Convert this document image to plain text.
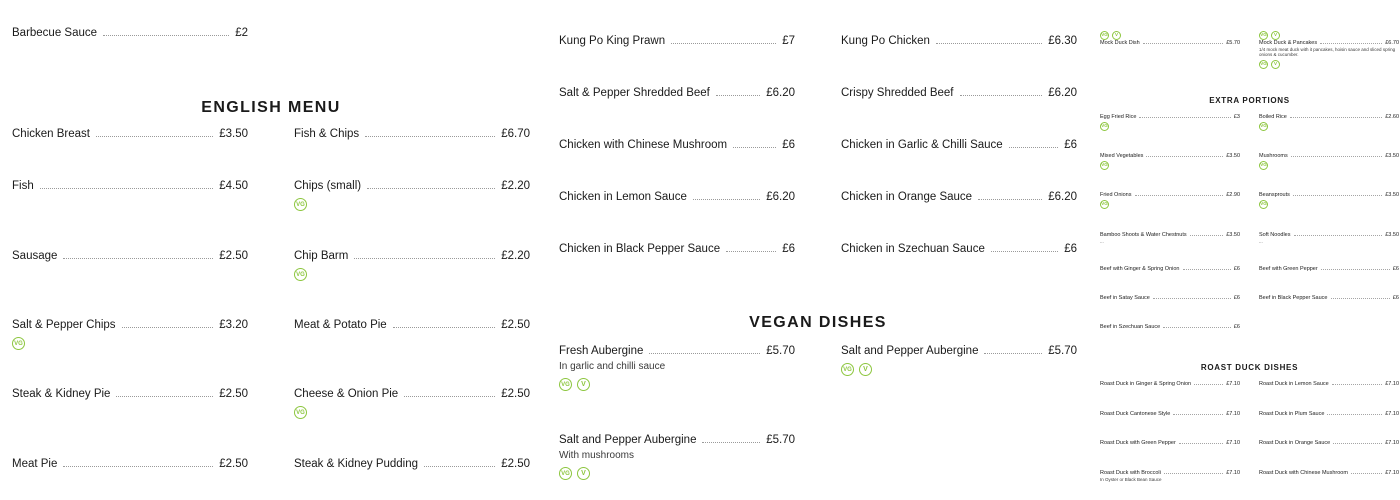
ENGLISH MENU
VEGAN DISHES
EXTRA PORTIONS
ROAST DUCK DISHES
Barbecue Sauce	£2
Chicken Breast	£3.50
Fish	£4.50
Sausage	£2.50
Salt & Pepper Chips	£3.20
VG
Steak & Kidney Pie	£2.50
Meat Pie	£2.50
Fish & Chips	£6.70
Chips (small)	£2.20
VG
Chip Barm	£2.20
VG
Meat & Potato Pie	£2.50
Cheese & Onion Pie	£2.50
VG
Steak & Kidney Pudding	£2.50
Kung Po King Prawn	£7
Salt & Pepper Shredded Beef	£6.20
Chicken with Chinese Mushroom	£6
Chicken in Lemon Sauce	£6.20
Chicken in Black Pepper Sauce	£6
Fresh Aubergine	£5.70
In garlic and chilli sauce
VG	V
Salt and Pepper Aubergine	£5.70
With mushrooms
VG	V
Kung Po Chicken	£6.30
Crispy Shredded Beef	£6.20
Chicken in Garlic & Chilli Sauce	£6
Chicken in Orange Sauce	£6.20
Chicken in Szechuan Sauce	£6
Salt and Pepper Aubergine	£5.70
VG	V
VG	V
Mock Duck Dish	£5.70
Egg Fried Rice	£3
VG
Mixed Vegetables	£3.50
VG
Fried Onions	£2.90
VG
Bamboo Shoots & Water Chestnuts	£3.50
...
Beef with Ginger & Spring Onion	£6
Beef in Satay Sauce	£6
Beef in Szechuan Sauce	£6
Roast Duck in Ginger & Spring Onion	£7.10
Roast Duck Cantonese Style	£7.10
Roast Duck with Green Pepper	£7.10
Roast Duck with Broccoli	£7.10
In Oyster or Black Bean Sauce
VG	V
Mock Duck & Pancakes	£6.70
1/4 mock meat duck with it pancakes, hoisin sauce and sliced spring onions & cucumber.
VG	V
Boiled Rice	£2.60
VG
Mushrooms	£3.50
VG
Beansprouts	£3.50
VG
Soft Noodles	£3.50
...
Beef with Green Pepper	£6
Beef in Black Pepper Sauce	£6
Roast Duck in Lemon Sauce	£7.10
Roast Duck in Plum Sauce	£7.10
Roast Duck in Orange Sauce	£7.10
Roast Duck with Chinese Mushroom	£7.10
